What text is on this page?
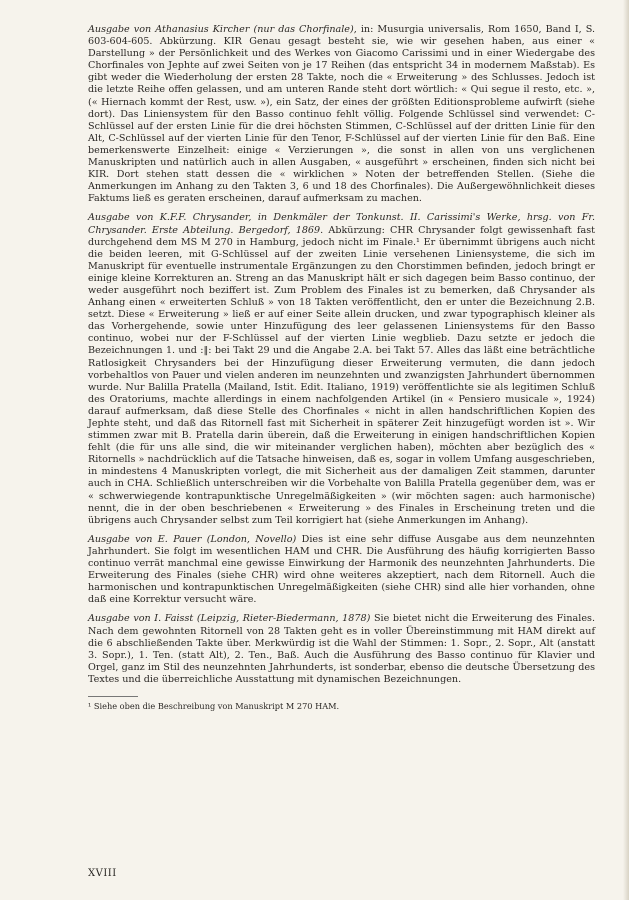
Ausgabe von Athanasius Kircher (nur das Chorfinale), in: Musurgia universalis, Rom 1650, Band I, S. 603-604-605. Abkürzung. KIR Genau gesagt besteht sie, wie wir gesehen haben, aus einer « Darstellung » der Persönlichkeit und des Werkes von Giacomo Carissimi und in einer Wiedergabe des Chorfinales von Jephte auf zwei Seiten von je 17 Reihen (das entspricht 34 in modernem Maßstab). Es gibt weder die Wiederholung der ersten 28 Takte, noch die « Erweiterung » des Schlusses. Jedoch ist die letzte Reihe offen gelassen, und am unteren Rande steht dort wörtlich: « Qui segue il resto, etc. », (« Hiernach kommt der Rest, usw. »), ein Satz, der eines der größten Editionsprobleme aufwirft (siehe dort). Das Liniensystem für den Basso continuo fehlt völlig. Folgende Schlüssel sind verwendet: C-Schlüssel auf der ersten Linie für die drei höchsten Stimmen, C-Schlüssel auf der dritten Linie für den Alt, C-Schlüssel auf der vierten Linie für den Tenor, F-Schlüssel auf der vierten Linie für den Baß. Eine bemerkenswerte Einzelheit: einige « Verzierungen », die sonst in allen von uns verglichenen Manuskripten und natürlich auch in allen Ausgaben, « ausgeführt » erscheinen, finden sich nicht bei KIR. Dort stehen statt dessen die « wirklichen » Noten der betreffenden Stellen. (Siehe die Anmerkungen im Anhang zu den Takten 3, 6 und 18 des Chorfinales). Die Außergewöhnlichkeit dieses Faktums ließ es geraten erscheinen, darauf aufmerksam zu machen.

Ausgabe von K.F.F. Chrysander, in Denkmäler der Tonkunst. II. Carissimi's Werke, hrsg. von Fr. Chrysander. Erste Abteilung. Bergedorf, 1869. Abkürzung: CHR Chrysander folgt gewissenhaft fast durchgehend dem MS M 270 in Hamburg, jedoch nicht im Finale.¹ Er übernimmt übrigens auch nicht die beiden leeren, mit G-Schlüssel auf der zweiten Linie versehenen Liniensysteme, die sich im Manuskript für eventuelle instrumentale Ergänzungen zu den Chorstimmen befinden, jedoch bringt er einige kleine Korrekturen an. Streng an das Manuskript hält er sich dagegen beim Basso continuo, der weder ausgeführt noch beziffert ist. Zum Problem des Finales ist zu bemerken, daß Chrysander als Anhang einen « erweiterten Schluß » von 18 Takten veröffentlicht, den er unter die Bezeichnung 2.B. setzt. Diese « Erweiterung » ließ er auf einer Seite allein drucken, und zwar typographisch kleiner als das Vorhergehende, sowie unter Hinzufügung des leer gelassenen Liniensystems für den Basso continuo, wobei nur der F-Schlüssel auf der vierten Linie wegblieb. Dazu setzte er jedoch die Bezeichnungen 1. und :‖: bei Takt 29 und die Angabe 2.A. bei Takt 57. Alles das läßt eine beträchtliche Ratlosigkeit Chrysanders bei der Hinzufügung dieser Erweiterung vermuten, die dann jedoch vorbehaltlos von Pauer und vielen anderen im neunzehnten und zwanzigsten Jahrhundert übernommen wurde. Nur Balilla Pratella (Mailand, Istit. Edit. Italiano, 1919) veröffentlichte sie als legitimen Schluß des Oratoriums, machte allerdings in einem nachfolgenden Artikel (in « Pensiero musicale », 1924) darauf aufmerksam, daß diese Stelle des Chorfinales « nicht in allen handschriftlichen Kopien des Jephte steht, und daß das Ritornell fast mit Sicherheit in späterer Zeit hinzugefügt worden ist ». Wir stimmen zwar mit B. Pratella darin überein, daß die Erweiterung in einigen handschriftlichen Kopien fehlt (die für uns alle sind, die wir miteinander verglichen haben), möchten aber bezüglich des « Ritornells » nachdrücklich auf die Tatsache hinweisen, daß es, sogar in vollem Umfang ausgeschrieben, in mindestens 4 Manuskripten vorlegt, die mit Sicherheit aus der damaligen Zeit stammen, darunter auch in CHA. Schließlich unterschreiben wir die Vorbehalte von Balilla Pratella gegenüber dem, was er « schwerwiegende kontrapunktische Unregelmäßigkeiten » (wir möchten sagen: auch harmonische) nennt, die in der oben beschriebenen « Erweiterung » des Finales in Erscheinung treten und die übrigens auch Chrysander selbst zum Teil korrigiert hat (siehe Anmerkungen im Anhang).

Ausgabe von E. Pauer (London, Novello) Dies ist eine sehr diffuse Ausgabe aus dem neunzehnten Jahrhundert. Sie folgt im wesentlichen HAM und CHR. Die Ausführung des häufig korrigierten Basso continuo verrät manchmal eine gewisse Einwirkung der Harmonik des neunzehnten Jahrhunderts. Die Erweiterung des Finales (siehe CHR) wird ohne weiteres akzeptiert, nach dem Ritornell. Auch die harmonischen und kontrapunktischen Unregelmäßigkeiten (siehe CHR) sind alle hier vorhanden, ohne daß eine Korrektur versucht wäre.

Ausgabe von I. Faisst (Leipzig, Rieter-Biedermann, 1878) Sie bietet nicht die Erweiterung des Finales. Nach dem gewohnten Ritornell von 28 Takten geht es in voller Übereinstimmung mit HAM direkt auf die 6 abschließenden Takte über. Merkwürdig ist die Wahl der Stimmen: 1. Sopr., 2. Sopr., Alt (anstatt 3. Sopr.), 1. Ten. (statt Alt), 2. Ten., Baß. Auch die Ausführung des Basso continuo für Klavier und Orgel, ganz im Stil des neunzehnten Jahrhunderts, ist sonderbar, ebenso die deutsche Übersetzung des Textes und die überreichliche Ausstattung mit dynamischen Bezeichnungen.

¹ Siehe oben die Beschreibung von Manuskript M 270 HAM.

XVIII
